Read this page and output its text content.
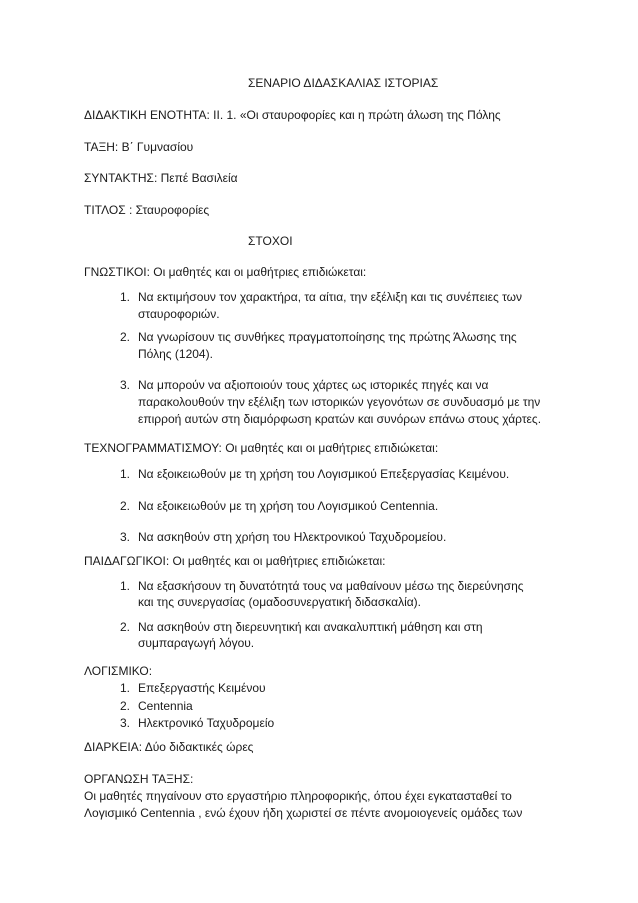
ΣΕΝΑΡΙΟ ΔΙΔΑΣΚΑΛΙΑΣ ΙΣΤΟΡΙΑΣ
ΔΙΔΑΚΤΙΚΗ ΕΝΟΤΗΤΑ: ΙΙ. 1. «Οι σταυροφορίες και η πρώτη άλωση της Πόλης
ΤΑΞΗ: Β΄ Γυμνασίου
ΣΥΝΤΑΚΤΗΣ: Πεπέ Βασιλεία
ΤΙΤΛΟΣ : Σταυροφορίες
ΣΤΟΧΟΙ
ΓΝΩΣΤΙΚΟΙ: Οι μαθητές και οι μαθήτριες επιδιώκεται:
1. Να εκτιμήσουν τον χαρακτήρα, τα αίτια, την εξέλιξη και τις συνέπειες των
σταυροφοριών.
2. Να γνωρίσουν τις συνθήκες πραγματοποίησης της πρώτης Άλωσης της
Πόλης (1204).
3. Να μπορούν να αξιοποιούν τους χάρτες ως ιστορικές πηγές και να
παρακολουθούν την εξέλιξη των ιστορικών γεγονότων σε συνδυασμό με την
επιρροή αυτών στη διαμόρφωση κρατών και συνόρων επάνω στους χάρτες.
ΤΕΧΝΟΓΡΑΜΜΑΤΙΣΜΟΥ: Οι μαθητές και οι μαθήτριες επιδιώκεται:
1. Να εξοικειωθούν με τη χρήση του Λογισμικού Επεξεργασίας Κειμένου.
2. Να εξοικειωθούν με τη χρήση του Λογισμικού Centennia.
3. Να ασκηθούν στη χρήση του Ηλεκτρονικού Ταχυδρομείου.
ΠΑΙΔΑΓΩΓΙΚΟΙ: Οι μαθητές και οι μαθήτριες επιδιώκεται:
1. Να εξασκήσουν τη δυνατότητά τους να μαθαίνουν μέσω της διερεύνησης
και της συνεργασίας (ομαδοσυνεργατική διδασκαλία).
2. Να ασκηθούν στη διερευνητική και ανακαλυπτική μάθηση και στη
συμπαραγωγή λόγου.
ΛΟΓΙΣΜΙΚΟ:
1. Επεξεργαστής Κειμένου
2. Centennia
3. Ηλεκτρονικό Ταχυδρομείο
ΔΙΑΡΚΕΙΑ: Δύο διδακτικές ώρες
ΟΡΓΑΝΩΣΗ ΤΑΞΗΣ:
Οι μαθητές πηγαίνουν στο εργαστήριο πληροφορικής, όπου έχει εγκατασταθεί το
Λογισμικό Centennia , ενώ έχουν ήδη χωριστεί σε πέντε ανομοιογενείς ομάδες των
